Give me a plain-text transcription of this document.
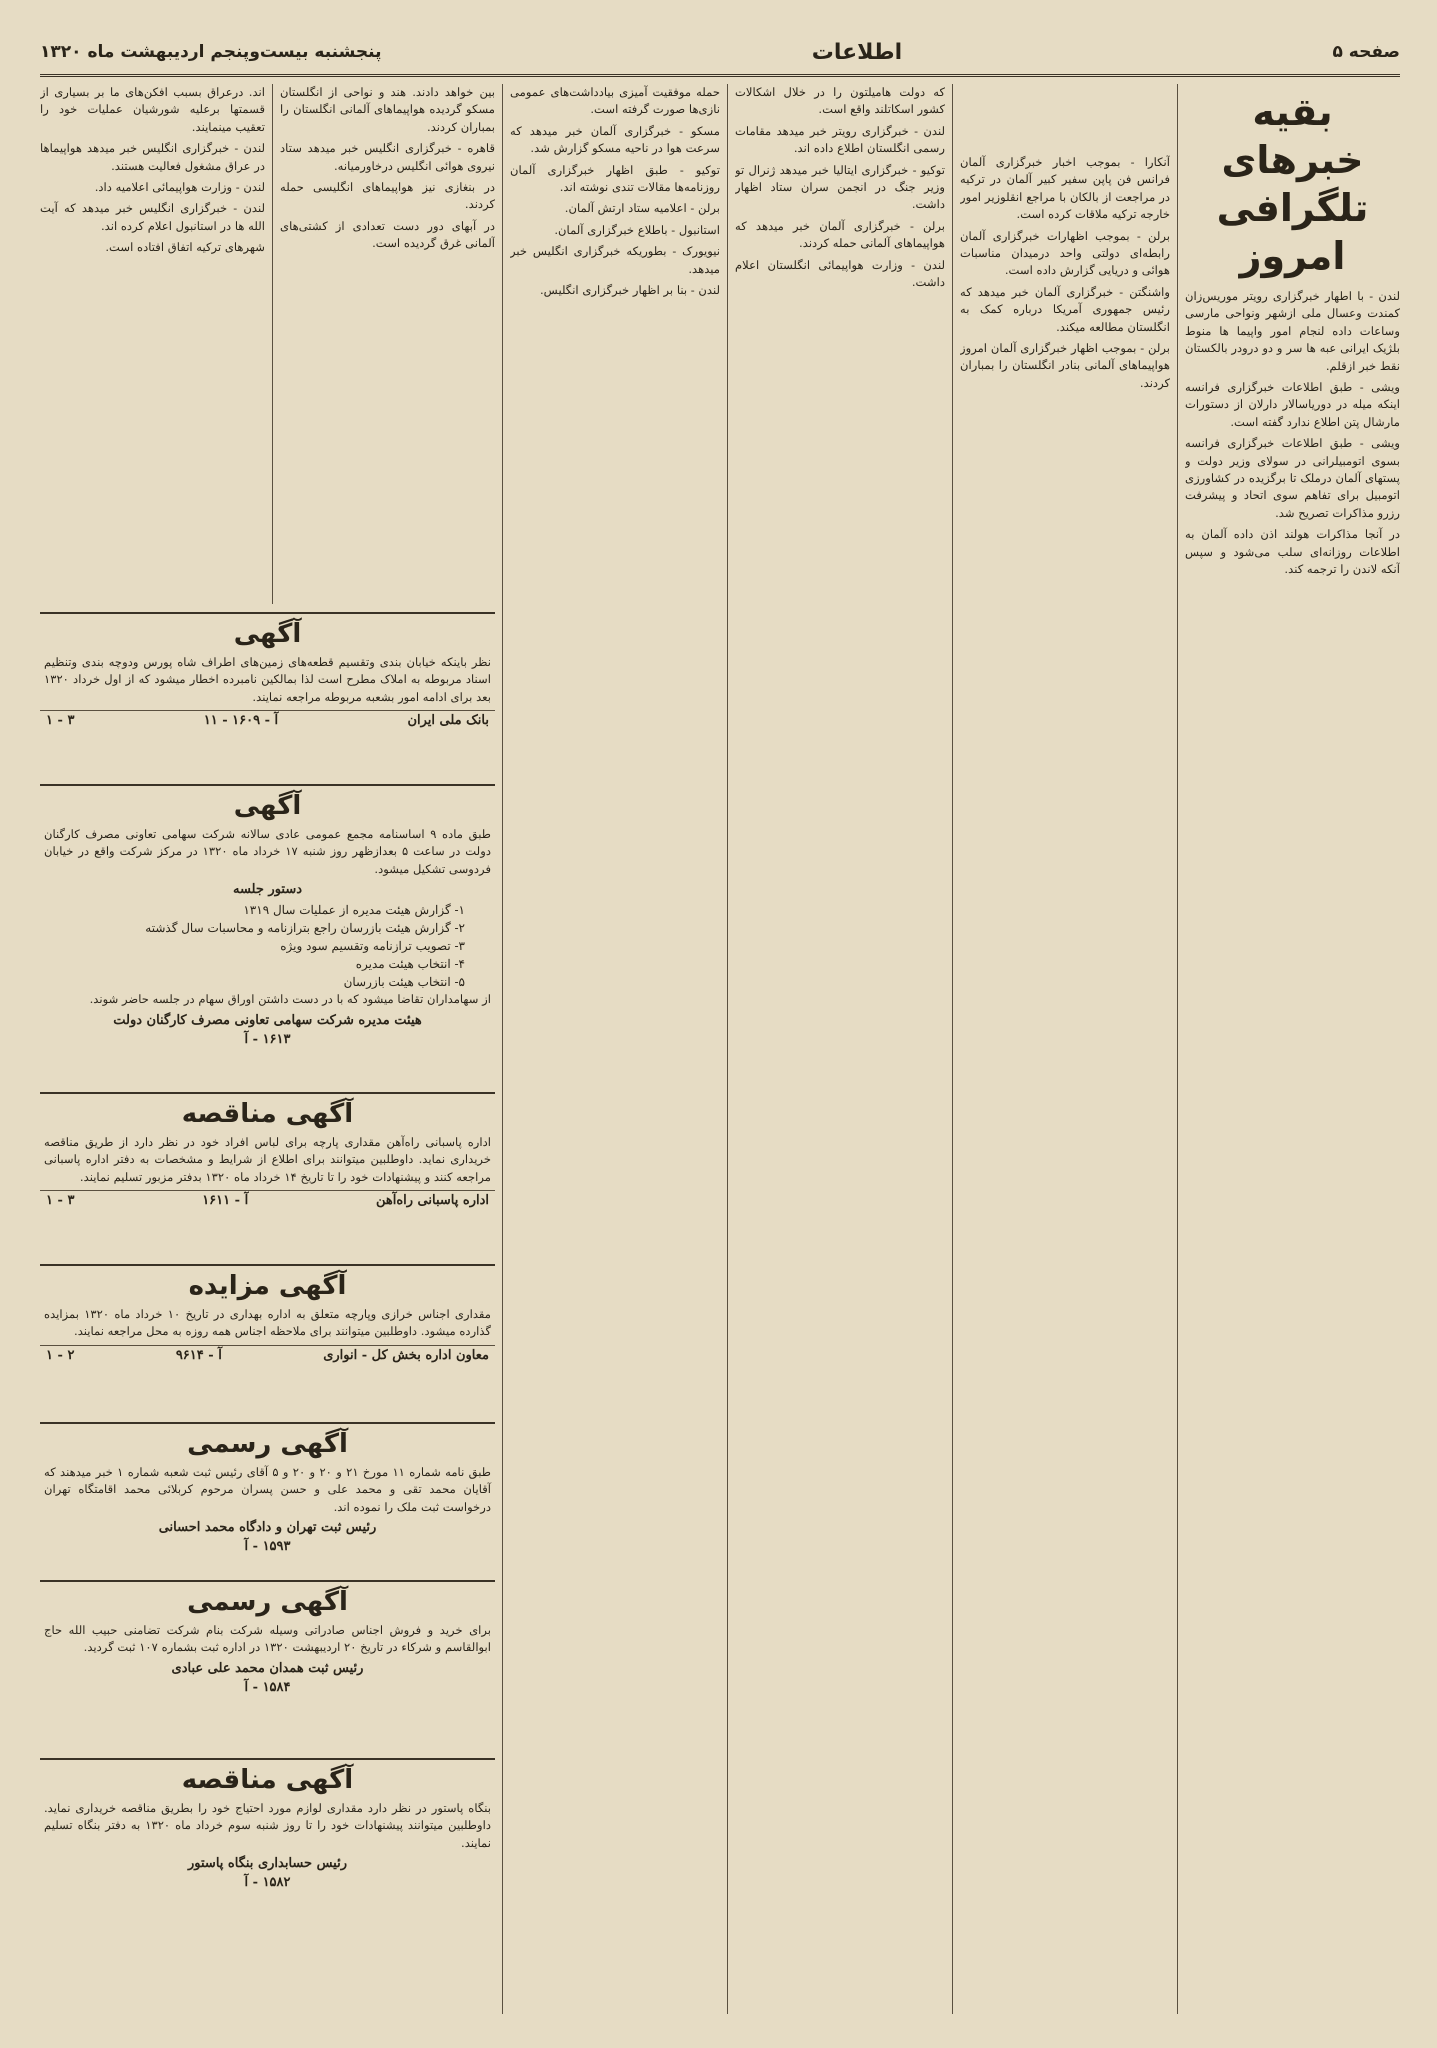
صفحه ۵
اطلاعات
پنجشنبه بیست‌وپنجم اردیبهشت ماه ۱۳۲۰
بقیه خبرهای تلگرافی امروز

لندن - با اطهار خبرگزاری رویتر موریس‌زان کمندت وعسال ملی ازشهر ونواحی مارسی وساعات داده لنجام امور واپیما ها منوط بلژیک ایرانی عبه ها سر و دو درودر بالکستان نقط خبر ازقلم.

ویشی - طبق اطلاعات خبرگزاری فرانسه اینکه میله در دوریاسالار دارلان از دستورات مارشال پتن اطلاع ندارد گفته است.

ویشی - طبق اطلاعات خبرگزاری فرانسه بسوی اتومبیلرانی در سولای وزیر دولت و پستهای آلمان درملک تا برگزیده در کشاورزی اتومبیل برای تفاهم سوی اتحاد و پیشرفت رزرو مذاکرات تصریح شد.

در آنجا مذاکرات هولند اذن داده آلمان به اطلاعات روزانه‌ای سلب می‌شود و سپس آنکه لاندن را ترجمه کند.

آنکارا - بموجب اخبار خبرگزاری آلمان فرانس فن پاپن سفیر کبیر آلمان در ترکیه در مراجعت از بالکان با مراجع انقلوزیر امور خارجه ترکیه ملاقات کرده است.

برلن - بموجب اظهارات خبرگزاری آلمان رابطه‌ای دولتی واحد درمیدان مناسبات هوائی و دریایی گزارش داده است.

واشنگتن - خبرگزاری آلمان خبر میدهد که رئیس جمهوری آمریکا درباره کمک به انگلستان مطالعه میکند.

برلن - بموجب اظهار خبرگزاری آلمان امروز هواپیماهای آلمانی بنادر انگلستان را بمباران کردند.

که دولت هامیلتون را در خلال اشکالات کشور اسکاتلند واقع است.

لندن - خبرگزاری رویتر خبر میدهد مقامات رسمی انگلستان اطلاع داده اند.

توکیو - خبرگزاری ایتالیا خبر میدهد ژنرال تو وزیر جنگ در انجمن سران ستاد اظهار داشت.

برلن - خبرگزاری آلمان خبر میدهد که هواپیماهای آلمانی حمله کردند.

لندن - وزارت هواپیمائی انگلستان اعلام داشت.

حمله موفقیت آمیزی بیادداشت‌های عمومی نازی‌ها صورت گرفته است.

مسکو - خبرگزاری آلمان خبر میدهد که سرعت هوا در ناحیه مسکو گزارش شد.

توکیو - طبق اظهار خبرگزاری آلمان روزنامه‌ها مقالات تندی نوشته اند.

برلن - اعلامیه ستاد ارتش آلمان.

استانبول - باطلاع خبرگزاری آلمان.

نیویورک - بطوریکه خبرگزاری انگلیس خبر میدهد.

لندن - بنا بر اظهار خبرگزاری انگلیس.

بین خواهد دادند. هند و نواحی از انگلستان مسکو گردیده هواپیماهای آلمانی انگلستان را بمباران کردند.

قاهره - خبرگزاری انگلیس خبر میدهد ستاد نیروی هوائی انگلیس درخاورمیانه.

در بنغازی نیز هواپیماهای انگلیسی حمله کردند.

در آبهای دور دست تعدادی از کشتی‌های آلمانی غرق گردیده است.

اند. درعراق بسبب افکن‌های ما بر بسیاری از قسمتها برعلیه شورشیان عملیات خود را تعقیب مینمایند.

لندن - خبرگزاری انگلیس خبر میدهد هواپیماها در عراق مشغول فعالیت هستند.

لندن - وزارت هواپیمائی اعلامیه داد.

لندن - خبرگزاری انگلیس خبر میدهد که آیت الله ها در استانبول اعلام کرده اند.

شهرهای ترکیه اتفاق افتاده است.

آگهی
نظر باینکه خیابان بندی وتقسیم قطعه‌های زمین‌های اطراف شاه پورس ودوچه بندی وتنظیم اسناد مربوطه به املاک مطرح است لذا بمالکین نامبرده اخطار میشود که از اول خرداد ۱۳۲۰ بعد برای ادامه امور بشعبه مربوطه مراجعه نمایند.
بانک ملی ایران
آ - ۱۶۰۹ - ۱۱
۳ - ۱
آگهی
طبق ماده ۹ اساسنامه مجمع عمومی عادی سالانه شرکت سهامی تعاونی مصرف کارگنان دولت در ساعت ۵ بعدازظهر روز شنبه ۱۷ خرداد ماه ۱۳۲۰ در مرکز شرکت واقع در خیابان فردوسی تشکیل میشود.
دستور جلسه
۱- گزارش هیئت مدیره از عملیات سال ۱۳۱۹
۲- گزارش هیئت بازرسان راجع بترازنامه و محاسبات سال گذشته
۳- تصویب ترازنامه وتقسیم سود ویژه
۴- انتخاب هیئت مدیره
۵- انتخاب هیئت بازرسان
از سهامداران تقاضا میشود که با در دست داشتن اوراق سهام در جلسه حاضر شوند.
هیئت مدیره شرکت سهامی تعاونی مصرف کارگنان دولت
۱۶۱۳ - آ
آگهی مناقصه
اداره پاسبانی راه‌آهن مقداری پارچه برای لباس افراد خود در نظر دارد از طریق مناقصه خریداری نماید. داوطلبین میتوانند برای اطلاع از شرایط و مشخصات به دفتر اداره پاسبانی مراجعه کنند و پیشنهادات خود را تا تاریخ ۱۴ خرداد ماه ۱۳۲۰ بدفتر مزبور تسلیم نمایند.
اداره پاسبانی راه‌آهن
آ - ۱۶۱۱
۳ - ۱
آگهی مزایده
مقداری اجناس خرازی وپارچه متعلق به اداره بهداری در تاریخ ۱۰ خرداد ماه ۱۳۲۰ بمزایده گذارده میشود. داوطلبین میتوانند برای ملاحظه اجناس همه روزه به محل مراجعه نمایند.
معاون اداره بخش کل - انواری
آ - ۹۶۱۴
۲ - ۱
آگهی رسمی
طبق نامه شماره ۱۱ مورخ ۲۱ و ۲۰ و ۲۰ و ۵ آقای رئیس ثبت شعبه شماره ۱ خبر میدهند که آقایان محمد تقی و محمد علی و حسن پسران مرحوم کربلائی محمد اقامتگاه تهران درخواست ثبت ملک را نموده اند.
رئیس ثبت تهران و دادگاه محمد احسانی
۱۵۹۳ - آ
آگهی رسمی
برای خرید و فروش اجناس صادراتی وسیله شرکت بنام شرکت تضامنی حبیب الله حاج ابوالقاسم و شرکاء در تاریخ ۲۰ اردیبهشت ۱۳۲۰ در اداره ثبت بشماره ۱۰۷ ثبت گردید.
رئیس ثبت همدان محمد علی عبادی
۱۵۸۴ - آ
آگهی مناقصه
بنگاه پاستور در نظر دارد مقداری لوازم مورد احتیاج خود را بطریق مناقصه خریداری نماید. داوطلبین میتوانند پیشنهادات خود را تا روز شنبه سوم خرداد ماه ۱۳۲۰ به دفتر بنگاه تسلیم نمایند.
رئیس حسابداری بنگاه پاستور
۱۵۸۲ - آ
